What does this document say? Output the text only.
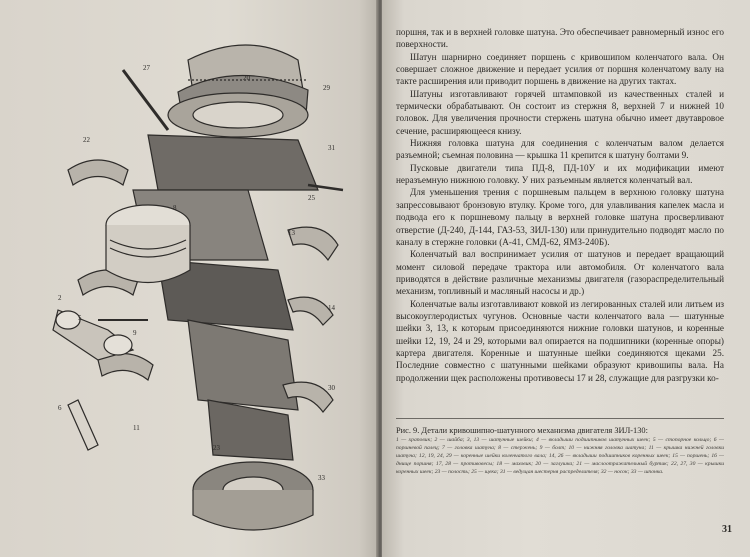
27
20
29
31
22
25
8
13
2
5
9
14
30
6
11
23
33

поршня, так и в верхней головке шатуна. Это обеспечивает равномерный износ его поверхности.

Шатун шарнирно соединяет поршень с кривошипом коленчатого вала. Он совершает сложное движение и передает усилия от поршня коленчатому валу на такте расширения или приводит поршень в движение на других тактах.

Шатуны изготавливают горячей штамповкой из качественных сталей и термически обрабатывают. Он состоит из стержня 8, верхней 7 и нижней 10 головок. Для увеличения прочности стержень шатуна обычно имеет двутавровое сечение, расширяющееся книзу.

Нижняя головка шатуна для соединения с коленчатым валом делается разъемной; съемная половина — крышка 11 крепится к шатуну болтами 9.

Пусковые двигатели типа ПД-8, ПД-10У и их модификации имеют неразъемную нижнюю головку. У них разъемным является коленчатый вал.

Для уменьшения трения с поршневым пальцем в верхнюю головку шатуна запрессовывают бронзовую втулку. Кроме того, для улавливания капелек масла и подвода его к поршневому пальцу в верхней головке шатуна просверливают отверстие (Д-240, Д-144, ГАЗ-53, ЗИЛ-130) или принудительно подводят масло по каналу в стержне головки (А-41, СМД-62, ЯМЗ-240Б).

Коленчатый вал воспринимает усилия от шатунов и передает вращающий момент силовой передаче трактора или автомобиля. От коленчатого вала приводятся в действие различные механизмы двигателя (газораспределительный механизм, топливный и масляный насосы и др.)

Коленчатые валы изготавливают ковкой из легированных сталей или литьем из высокоуглеродистых чугунов. Основные части коленчатого вала — шатунные шейки 3, 13, к которым присоединяются нижние головки шатунов, и коренные шейки 12, 19, 24 и 29, которыми вал опирается на подшипники (коренные опоры) картера двигателя. Коренные и шатунные шейки соединяются щеками 25. Последние совместно с шатунными шейками образуют кривошипы вала. На продолжении щек расположены противовесы 17 и 28, служащие для разгрузки ко-

Рис. 9. Детали кривошипно-шатунного механизма двигателя ЗИЛ-130:

1 — храповик; 2 — шайба; 3, 13 — шатунные шейки; 4 — вкладыши подшипников шатунных шеек; 5 — стопорное кольцо; 6 — поршневой палец; 7 — головка шатуна; 8 — стержень; 9 — болт; 10 — нижняя головка шатуна; 11 — крышка нижней головки шатуна; 12, 19, 24, 29 — коренные шейки коленчатого вала; 14, 26 — вкладыши подшипников коренных шеек; 15 — поршень; 16 — днище поршня; 17, 28 — противовесы; 18 — маховик; 20 — заглушка; 21 — маслоотражательный буртик; 22, 27, 30 — крышки коренных шеек; 23 — полость; 25 — щека; 31 — ведущая шестерня распределителя; 32 — носок; 33 — шпонка.

31
